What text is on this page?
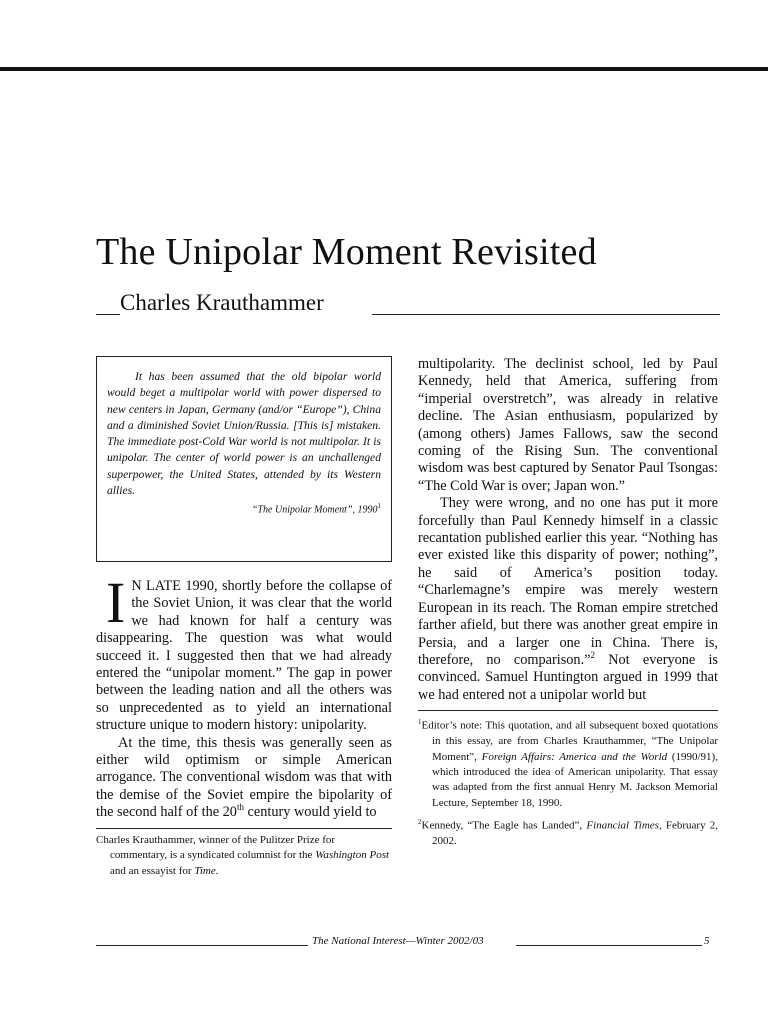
The Unipolar Moment Revisited
Charles Krauthammer

It has been assumed that the old bipolar world would beget a multipolar world with power dispersed to new centers in Japan, Germany (and/or “Europe”), China and a diminished Soviet Union/Russia. [This is] mistaken. The immediate post-Cold War world is not multipolar. It is unipolar. The center of world power is an unchallenged superpower, the United States, attended by its Western allies.

“The Unipolar Moment”, 1990$^1$

I N LATE 1990, shortly before the collapse of the Soviet Union, it was clear that the world we had known for half a century was disappearing. The question was what would succeed it. I suggested then that we had already entered the “unipolar moment.” The gap in power between the leading nation and all the others was so unprecedented as to yield an international structure unique to modern history: unipolarity.

At the time, this thesis was generally seen as either wild optimism or simple American arrogance. The conventional wisdom was that with the demise of the Soviet empire the bipolarity of the second half of the 20th century would yield to

Charles Krauthammer, winner of the Pulitzer Prize for commentary, is a syndicated columnist for the Washington Post and an essayist for Time.

multipolarity. The declinist school, led by Paul Kennedy, held that America, suffering from “imperial overstretch”, was already in relative decline. The Asian enthusiasm, popularized by (among others) James Fallows, saw the second coming of the Rising Sun. The conventional wisdom was best captured by Senator Paul Tsongas: “The Cold War is over; Japan won.”

They were wrong, and no one has put it more forcefully than Paul Kennedy himself in a classic recantation published earlier this year. “Nothing has ever existed like this disparity of power; nothing”, he said of America’s position today. “Charlemagne’s empire was merely western European in its reach. The Roman empire stretched farther afield, but there was another great empire in Persia, and a larger one in China. There is, therefore, no comparison.”$^2$ Not everyone is convinced. Samuel Huntington argued in 1999 that we had entered not a unipolar world but

$^1$Editor’s note: This quotation, and all subsequent boxed quotations in this essay, are from Charles Krauthammer, “The Unipolar Moment”, Foreign Affairs: America and the World (1990/91), which introduced the idea of American unipolarity. That essay was adapted from the first annual Henry M. Jackson Memorial Lecture, September 18, 1990.

$^2$Kennedy, “The Eagle has Landed”, Financial Times, February 2, 2002.

The National Interest—Winter 2002/03	5
